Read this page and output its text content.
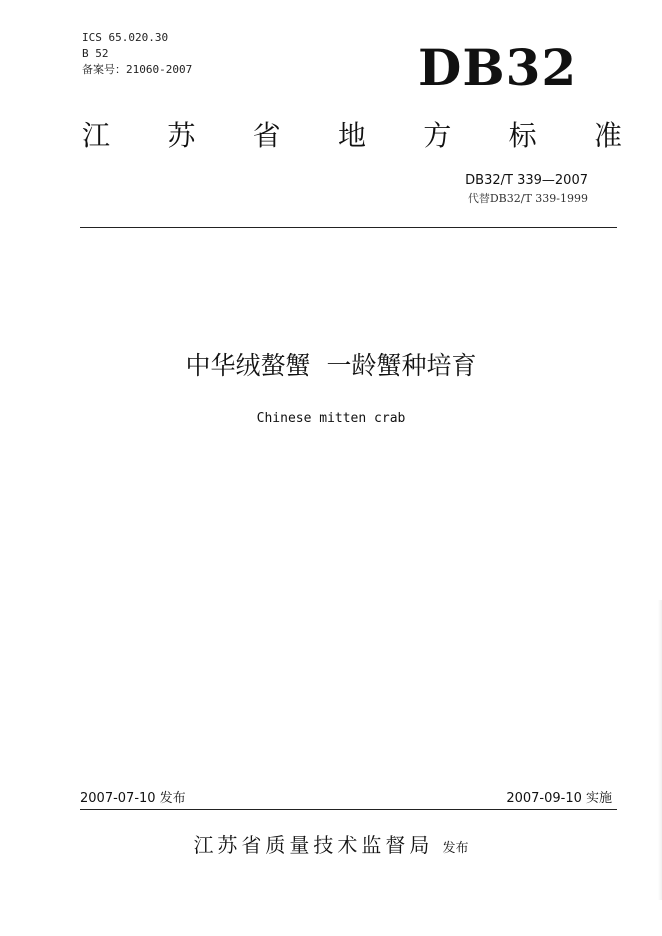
ICS 65.020.30
B 52
备案号：21060-2007	DB32
江 苏 省 地 方 标 准
DB32/T 339—2007
代替DB32/T 339-1999
中华绒螯蟹  一龄蟹种培育
Chinese mitten crab
2007-07-10 发布	2007-09-10 实施
江苏省质量技术监督局 发布
